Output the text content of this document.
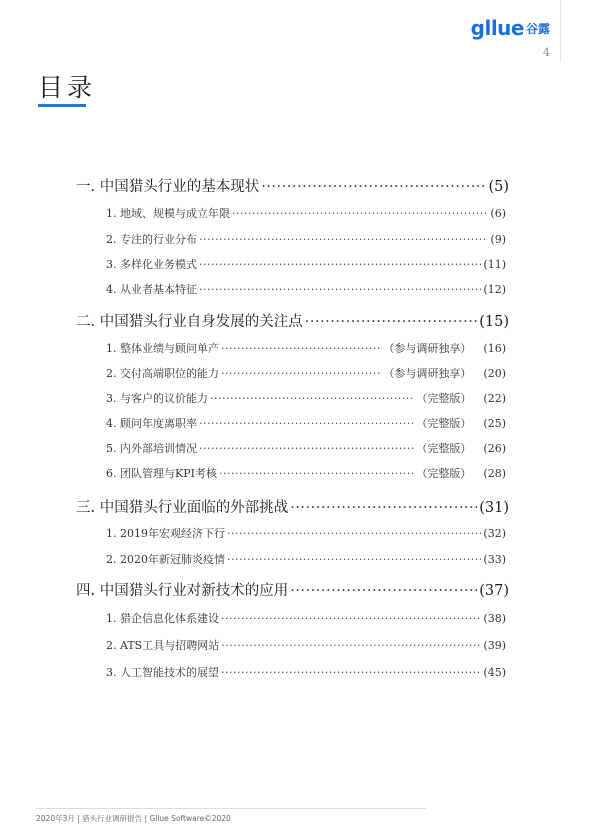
gllue 谷露
4
目录
一. 中国猎头行业的基本现状 ·····	(5)
1. 地域、规模与成立年限 ·····	(6)
2. 专注的行业分布 ·····	(9)
3. 多样化业务模式 ·····	(11)
4. 从业者基本特征 ·····	(12)
二. 中国猎头行业自身发展的关注点 ·····	(15)
1. 整体业绩与顾问单产 ·····	（参与调研独享） (16)
2. 交付高端职位的能力 ·····	（参与调研独享） (20)
3. 与客户的议价能力 ·····	（完整版） (22)
4. 顾问年度离职率 ·····	（完整版） (25)
5. 内外部培训情况 ·····	（完整版） (26)
6. 团队管理与KPI考核 ·····	（完整版） (28)
三. 中国猎头行业面临的外部挑战 ·····	(31)
1. 2019年宏观经济下行 ·····	(32)
2. 2020年新冠肺炎疫情 ·····	(33)
四. 中国猎头行业对新技术的应用 ·····	(37)
1. 猎企信息化体系建设 ·····	(38)
2. ATS工具与招聘网站 ·····	(39)
3. 人工智能技术的展望 ·····	(45)
2020年3月 | 猎头行业调研报告 | Gllue Software©2020
